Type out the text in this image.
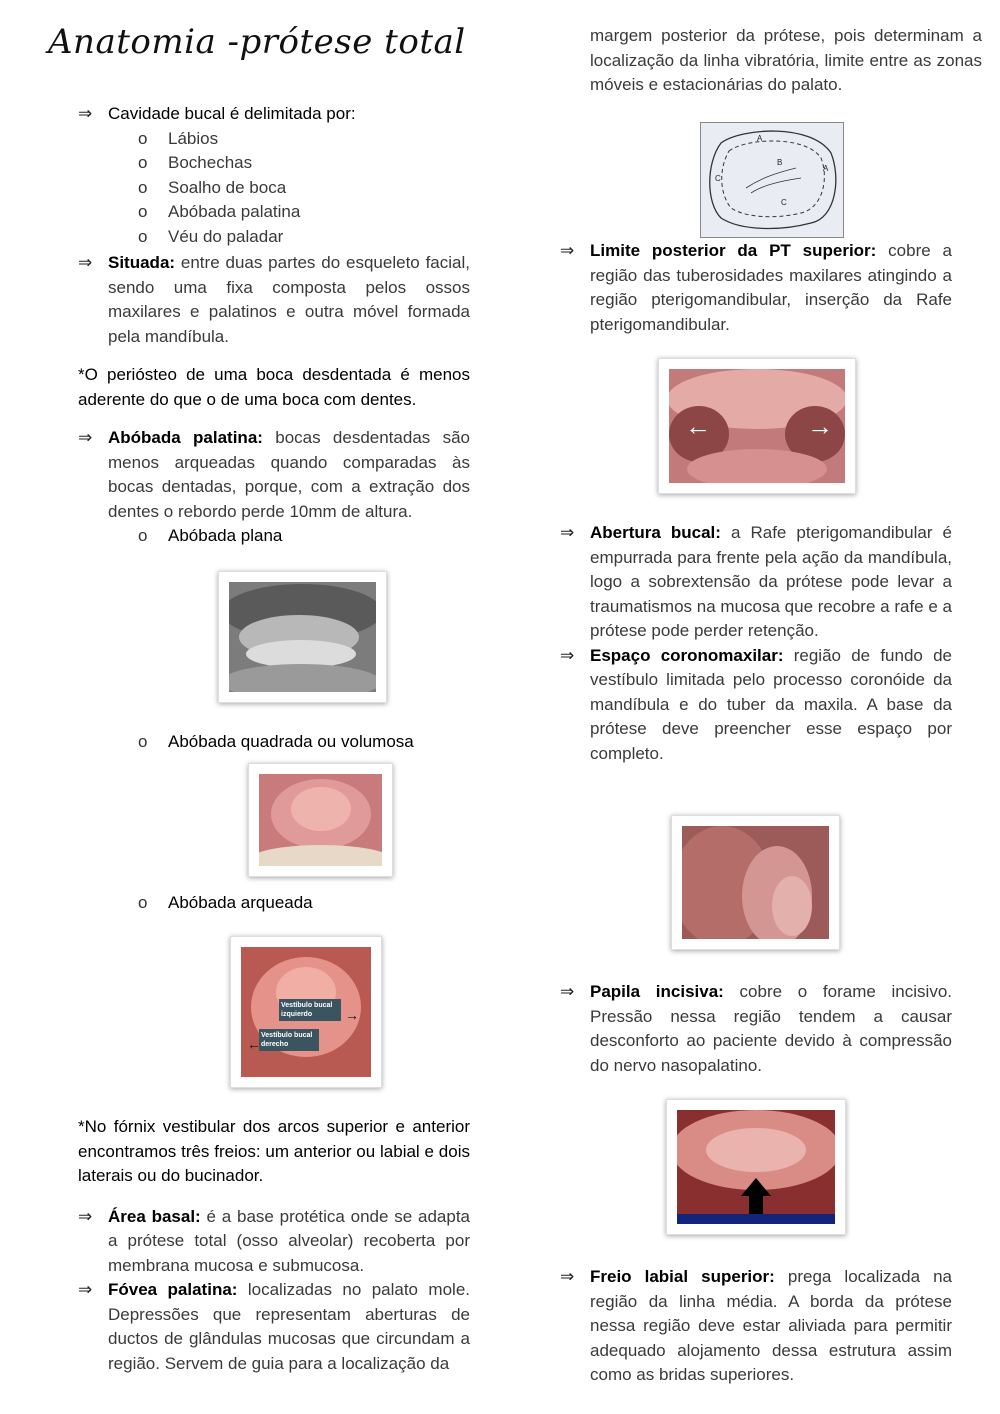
Anatomia -prótese total

⇒ Cavidade bucal é delimitada por:

o Lábios

o Bochechas

o Soalho de boca

o Abóbada palatina

o Véu do paladar

⇒ Situada: entre duas partes do esqueleto facial, sendo uma fixa composta pelos ossos maxilares e palatinos e outra móvel formada pela mandíbula.

*O periósteo de uma boca desdentada é menos aderente do que o de uma boca com dentes.

⇒ Abóbada palatina: bocas desdentadas são menos arqueadas quando comparadas às bocas dentadas, porque, com a extração dos dentes o rebordo perde 10mm de altura.

o Abóbada plana

o Abóbada quadrada ou volumosa

o Abóbada arqueada

Vestíbulo bucal izquierdo
Vestíbulo bucal derecho
→
←

*No fórnix vestibular dos arcos superior e anterior encontramos três freios: um anterior ou labial e dois laterais ou do bucinador.

⇒ Área basal: é a base protética onde se adapta a prótese total (osso alveolar) recoberta por membrana mucosa e submucosa.

⇒ Fóvea palatina: localizadas no palato mole. Depressões que representam aberturas de ductos de glândulas mucosas que circundam a região. Servem de guia para a localização da

margem posterior da prótese, pois determinam a localização da linha vibratória, limite entre as zonas móveis e estacionárias do palato.

A
B
C
A
C

⇒ Limite posterior da PT superior: cobre a região das tuberosidades maxilares atingindo a região pterigomandibular, inserção da Rafe pterigomandibular.

←	→

⇒ Abertura bucal: a Rafe pterigomandibular é empurrada para frente pela ação da mandíbula, logo a sobrextensão da prótese pode levar a traumatismos na mucosa que recobre a rafe e a prótese pode perder retenção.

⇒ Espaço coronomaxilar: região de fundo de vestíbulo limitada pelo processo coronóide da mandíbula e do tuber da maxila. A base da prótese deve preencher esse espaço por completo.

⇒ Papila incisiva: cobre o forame incisivo. Pressão nessa região tendem a causar desconforto ao paciente devido à compressão do nervo nasopalatino.

⇒ Freio labial superior: prega localizada na região da linha média. A borda da prótese nessa região deve estar aliviada para permitir adequado alojamento dessa estrutura assim como as bridas superiores.
